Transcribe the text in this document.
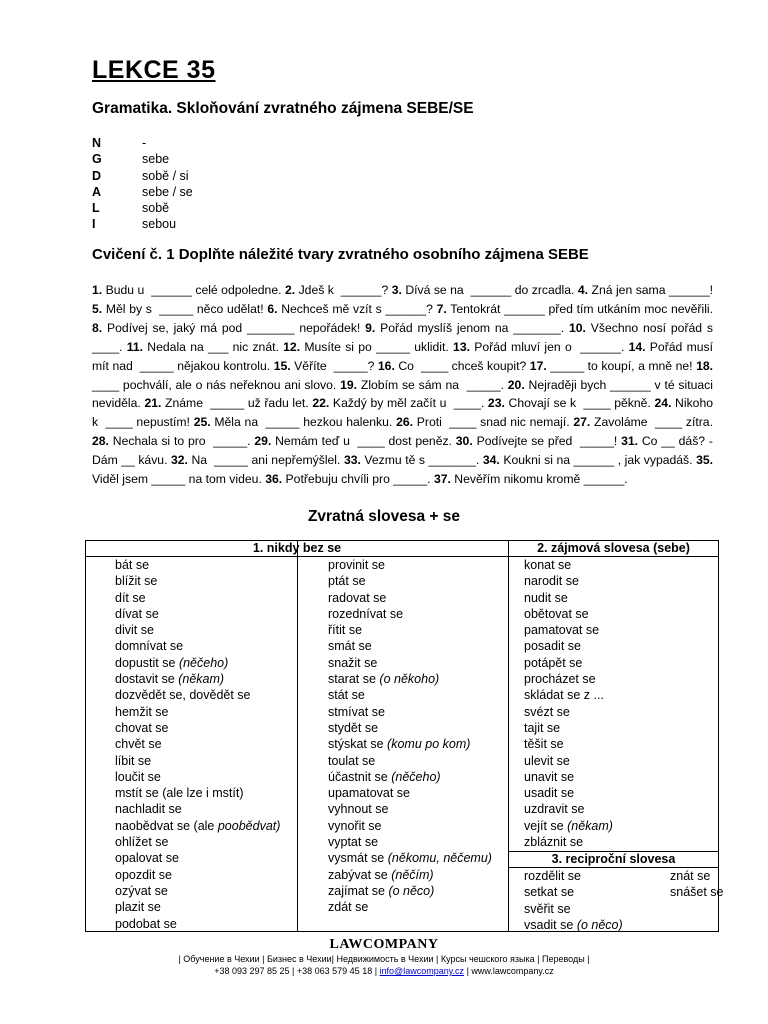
LEKCE 35
Gramatika. Skloňování zvratného zájmena SEBE/SE
N	-
G	sebe
D	sobě / si
A	sebe / se
L	sobě
I	sebou
Cvičení č. 1 Doplňte náležité tvary zvratného osobního zájmena SEBE

1. Budu u  ______ celé odpoledne. 2. Jdeš k  ______? 3. Dívá se na  ______ do zrcadla. 4. Zná jen sama ______! 5. Měl by s  _____ něco udělat! 6. Nechceš mě vzít s ______? 7. Tentokrát ______ před tím utkáním moc nevěřili. 8. Podívej se, jaký má pod _______ nepořádek! 9. Pořád myslíš jenom na _______. 10. Všechno nosí pořád s ____. 11. Nedala na ___ nic znát. 12. Musíte si po _____ uklidit. 13. Pořád mluví jen o  ______. 14. Pořád musí mít nad  _____ nějakou kontrolu. 15. Věříte  _____? 16. Co  ____ chceš koupit? 17. _____ to koupí, a mně ne! 18. ____ pochválí, ale o nás neřeknou ani slovo. 19. Zlobím se sám na  _____. 20. Nejraději bych ______ v té situaci neviděla. 21. Známe  _____ už řadu let. 22. Každý by měl začít u  ____. 23. Chovají se k  ____ pěkně. 24. Nikoho k  ____ nepustím! 25. Měla na  _____ hezkou halenku. 26. Proti  ____ snad nic nemají. 27. Zavoláme  ____ zítra. 28. Nechala si to pro  _____. 29. Nemám teď u  ____ dost peněz. 30. Podívejte se před  _____! 31. Co __ dáš? - Dám __ kávu. 32. Na  _____ ani nepřemýšlel. 33. Vezmu tě s _______. 34. Koukni si na ______ , jak vypadáš. 35. Viděl jsem _____ na tom videu. 36. Potřebuju chvíli pro _____. 37. Nevěřím nikomu kromě ______.

Zvratná slovesa + se
1. nikdy bez se	2. zájmová slovesa (sebe)
bát se
blížit se
dít se
dívat se
divit se
domnívat se
dopustit se (něčeho)
dostavit se (někam)
dozvědět se, dovědět se
hemžit se
chovat se
chvět se
líbit se
loučit se
mstít se (ale lze i mstít)
nachladit se
naobědvat se (ale poobědvat)
ohlížet se
opalovat se
opozdit se
ozývat se
plazit se
podobat se
provinit se
ptát se
radovat se
rozednívat se
řítit se
smát se
snažit se
starat se (o někoho)
stát se
stmívat se
stydět se
stýskat se (komu po kom)
toulat se
účastnit se (něčeho)
upamatovat se
vyhnout se
vynořit se
vyptat se
vysmát se (někomu, něčemu)
zabývat se (něčím)
zajímat se (o něco)
zdát se
konat se
narodit se
nudit se
obětovat se
pamatovat se
posadit se
potápět se
procházet se
skládat se z ...
svézt se
tajit se
těšit se
ulevit se
unavit se
usadit se
uzdravit se
vejít se (někam)
zbláznit se
3. reciproční slovesa
rozdělit se	znát se
setkat se	snášet se
svěřit se
vsadit se (o něco)
LAWCOMPANY
| Обучение в Чехии | Бизнес в Чехии| Недвижимость в Чехии | Курсы чешского языка | Переводы |
+38 093 297 85 25 | +38 063 579 45 18 | info@lawcompany.cz | www.lawcompany.cz
